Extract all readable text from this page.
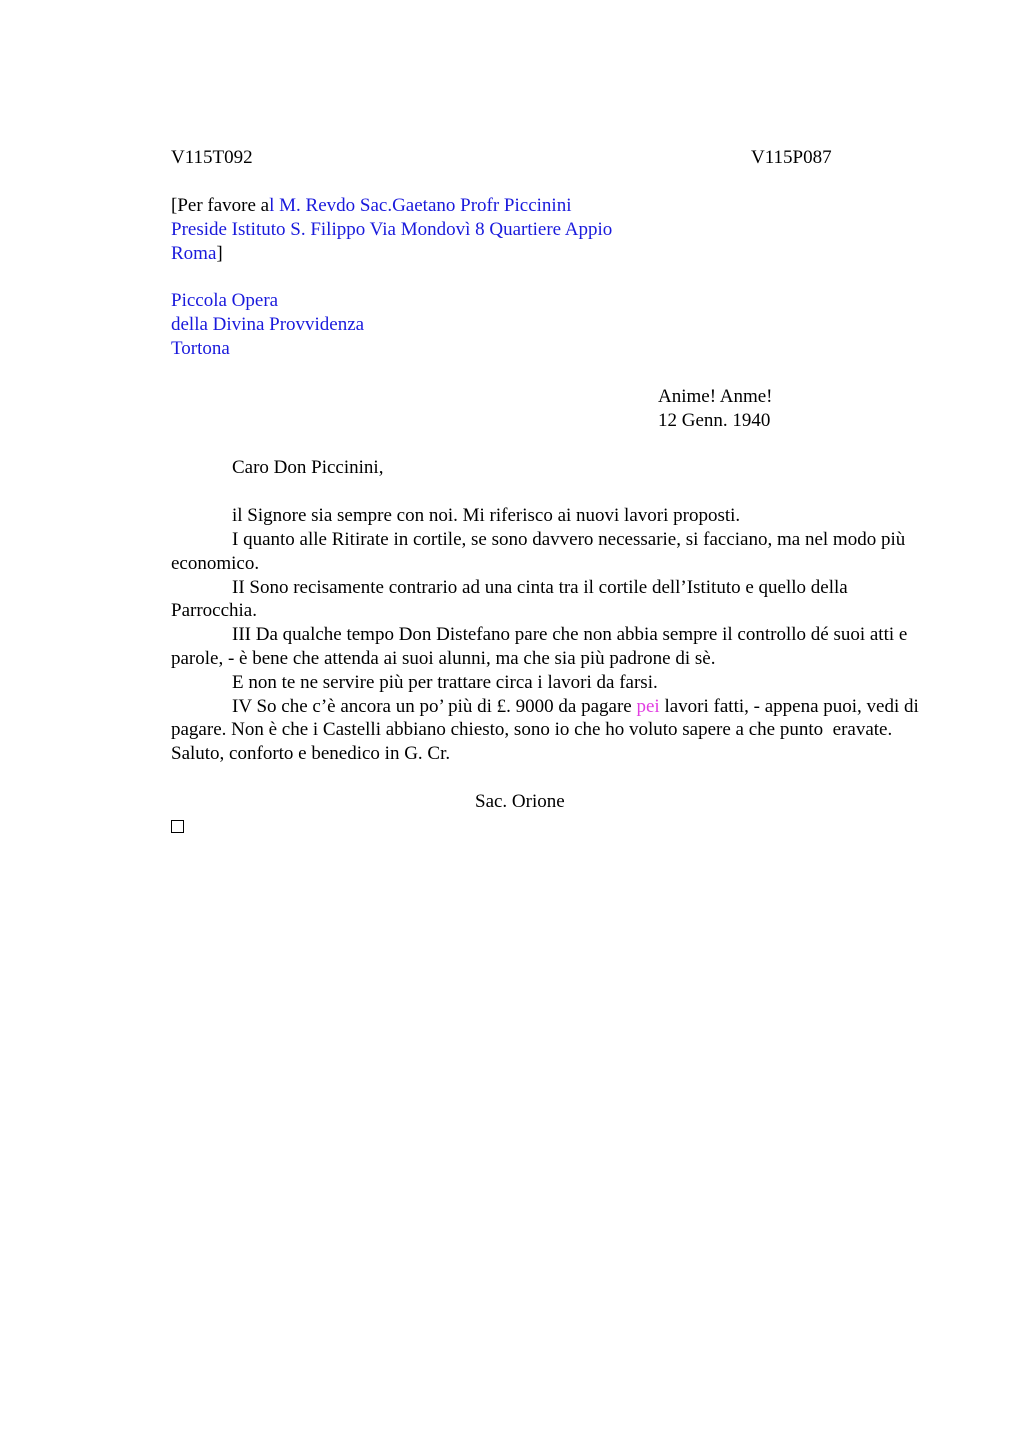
V115T092	V115P087
[Per favore al M. Revdo Sac.Gaetano Profr Piccinini
Preside Istituto S. Filippo Via Mondovì 8 Quartiere Appio
Roma]
Piccola Opera
della Divina Provvidenza
Tortona
Anime! Anme!
12 Genn. 1940

Caro Don Piccinini,

il Signore sia sempre con noi. Mi riferisco ai nuovi lavori proposti.

I quanto alle Ritirate in cortile, se sono davvero necessarie, si facciano, ma nel modo più economico.

II Sono recisamente contrario ad una cinta tra il cortile dell’Istituto e quello della Parrocchia.

III Da qualche tempo Don Distefano pare che non abbia sempre il controllo dé suoi atti e parole, - è bene che attenda ai suoi alunni, ma che sia più padrone di sè.

E non te ne servire più per trattare circa i lavori da farsi.

IV So che c’è ancora un po’ più di £. 9000 da pagare pei lavori fatti, - appena puoi, vedi di pagare. Non è che i Castelli abbiano chiesto, sono io che ho voluto sapere a che punto  eravate.    Saluto, conforto e benedico in G. Cr.

Sac. Orione
